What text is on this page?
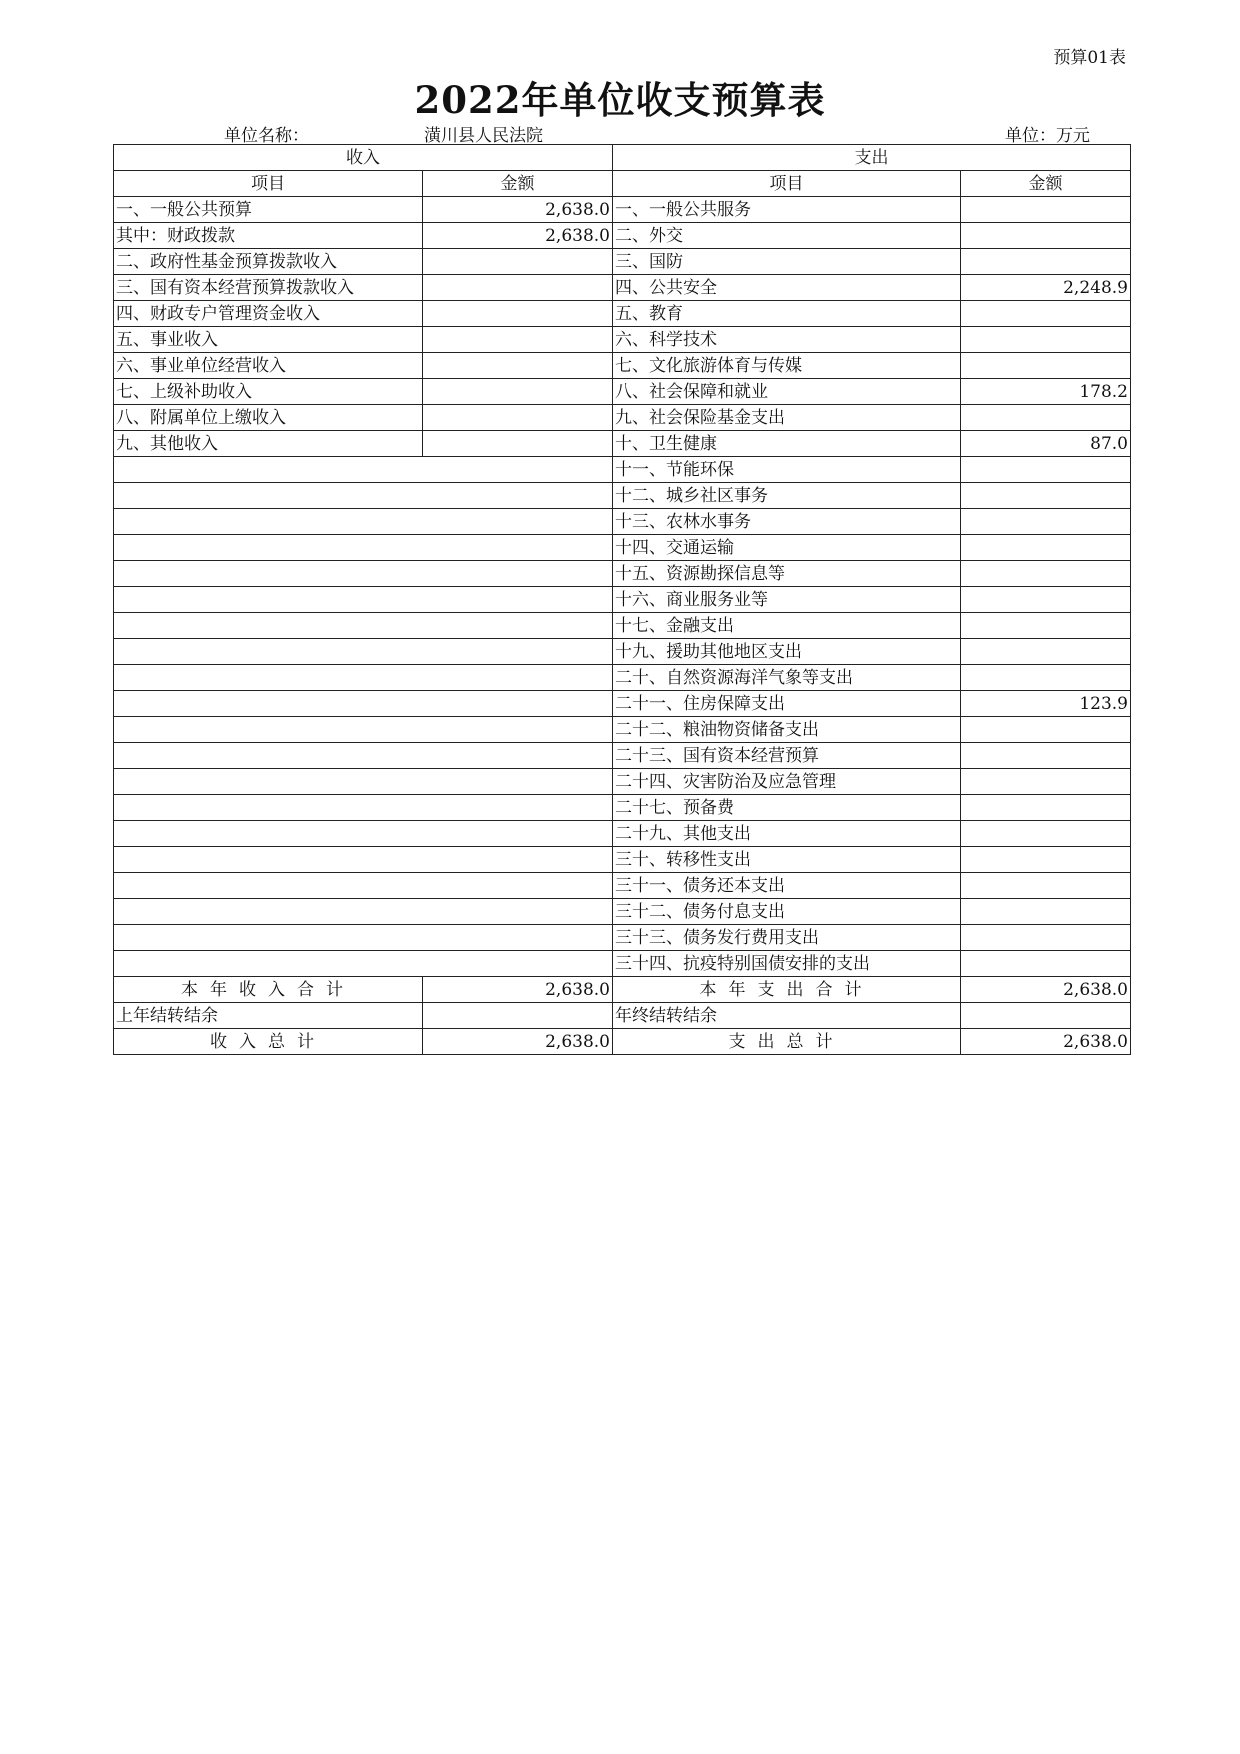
预算01表
2022年单位收支预算表
单位名称：	潢川县人民法院	单位：万元
收入		支出	
项目	金额	项目	金额
一、一般公共预算	2,638.0	一、一般公共服务	
其中：财政拨款	2,638.0	二、外交	
二、政府性基金预算拨款收入		三、国防	
三、国有资本经营预算拨款收入		四、公共安全	2,248.9
四、财政专户管理资金收入		五、教育	
五、事业收入		六、科学技术	
六、事业单位经营收入		七、文化旅游体育与传媒	
七、上级补助收入		八、社会保障和就业	178.2
八、附属单位上缴收入		九、社会保险基金支出	
九、其他收入		十、卫生健康	87.0
		十一、节能环保	
		十二、城乡社区事务	
		十三、农林水事务	
		十四、交通运输	
		十五、资源勘探信息等	
		十六、商业服务业等	
		十七、金融支出	
		十九、援助其他地区支出	
		二十、自然资源海洋气象等支出	
		二十一、住房保障支出	123.9
		二十二、粮油物资储备支出	
		二十三、国有资本经营预算	
		二十四、灾害防治及应急管理	
		二十七、预备费	
		二十九、其他支出	
		三十、转移性支出	
		三十一、债务还本支出	
		三十二、债务付息支出	
		三十三、债务发行费用支出	
		三十四、抗疫特别国债安排的支出	
本年收入合计	2,638.0	本年支出合计	2,638.0
上年结转结余		年终结转结余	
收入总计	2,638.0	支出总计	2,638.0
